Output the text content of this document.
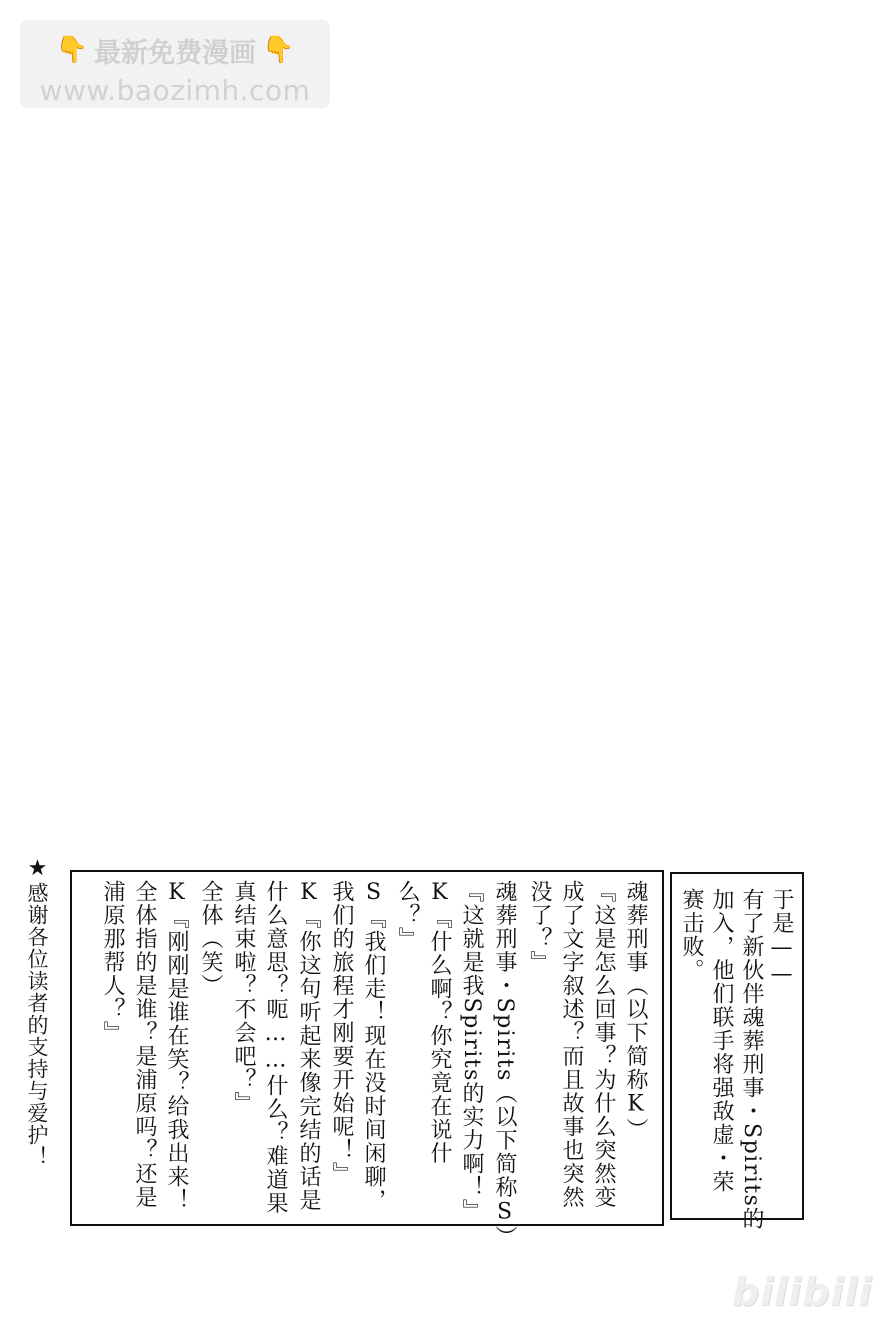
👇 最新免费漫画 👇
www.baozimh.com
★感谢各位读者的支持与爱护！	魂葬刑事（以下简称K）
『这是怎么回事？为什么突然变
成了文字叙述？而且故事也突然
没了？』
魂葬刑事・Spirits（以下简称S）
『这就是我Spirits的实力啊！』
K『什么啊？你究竟在说什
么？』
S『我们走！现在没时间闲聊，
我们的旅程才刚要开始呢！』
K『你这句听起来像完结的话是
什么意思？呃……什么？难道果
真结束啦？不会吧？』
全体（笑）
K『刚刚是谁在笑？给我出来！
全体指的是谁？是浦原吗？还是
浦原那帮人？』	于是——
有了新伙伴魂葬刑事・Spirits的
加入，他们联手将强敌虚・荣
赛击败。
bilibili
